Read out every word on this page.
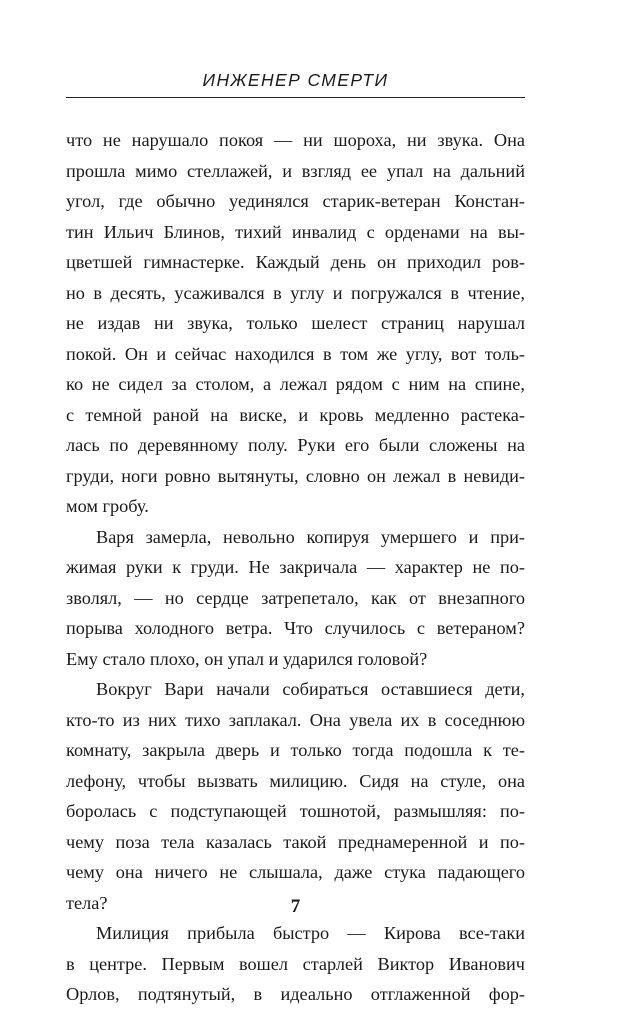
ИНЖЕНЕР СМЕРТИ
что не нарушало покоя — ни шороха, ни звука. Она
прошла мимо стеллажей, и взгляд ее упал на дальний
угол, где обычно уединялся старик-ветеран Констан-
тин Ильич Блинов, тихий инвалид с орденами на вы-
цветшей гимнастерке. Каждый день он приходил ров-
но в десять, усаживался в углу и погружался в чтение,
не издав ни звука, только шелест страниц нарушал
покой. Он и сейчас находился в том же углу, вот толь-
ко не сидел за столом, а лежал рядом с ним на спине,
с темной раной на виске, и кровь медленно растека-
лась по деревянному полу. Руки его были сложены на
груди, ноги ровно вытянуты, словно он лежал в невиди-
мом гробу.
Варя замерла, невольно копируя умершего и при-
жимая руки к груди. Не закричала — характер не по-
зволял, — но сердце затрепетало, как от внезапного
порыва холодного ветра. Что случилось с ветераном?
Ему стало плохо, он упал и ударился головой?
Вокруг Вари начали собираться оставшиеся дети,
кто-то из них тихо заплакал. Она увела их в соседнюю
комнату, закрыла дверь и только тогда подошла к те-
лефону, чтобы вызвать милицию. Сидя на стуле, она
боролась с подступающей тошнотой, размышляя: по-
чему поза тела казалась такой преднамеренной и по-
чему она ничего не слышала, даже стука падающего
тела?
Милиция прибыла быстро — Кирова все-таки
в центре. Первым вошел старлей Виктор Иванович
Орлов, подтянутый, в идеально отглаженной фор-
7
